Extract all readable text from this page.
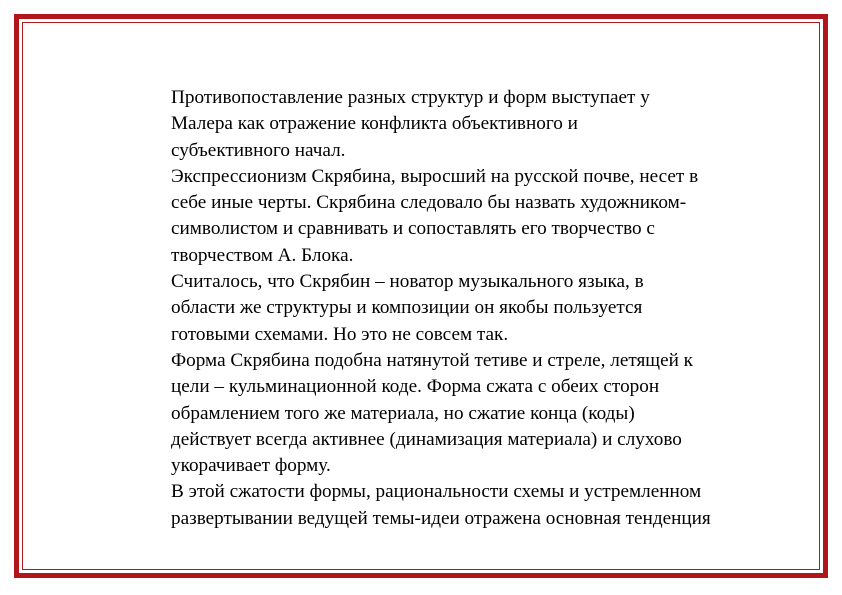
Противопоставление разных структур и форм выступает у
Малера как отражение конфликта объективного и
субъективного начал.
Экспрессионизм Скрябина, выросший на русской почве, несет в
себе иные черты. Скрябина следовало бы назвать художником-
символистом и сравнивать и сопоставлять его творчество с
творчеством А. Блока.
Считалось, что Скрябин – новатор музыкального языка, в
области же структуры и композиции он якобы пользуется
готовыми схемами. Но это не совсем так.
Форма Скрябина подобна натянутой тетиве и стреле, летящей к
цели – кульминационной коде. Форма сжата с обеих сторон
обрамлением того же материала, но сжатие конца (коды)
действует всегда активнее (динамизация материала) и слухово
укорачивает форму.
В этой сжатости формы, рациональности схемы и устремленном
развертывании ведущей темы-идеи отражена основная тенденция
